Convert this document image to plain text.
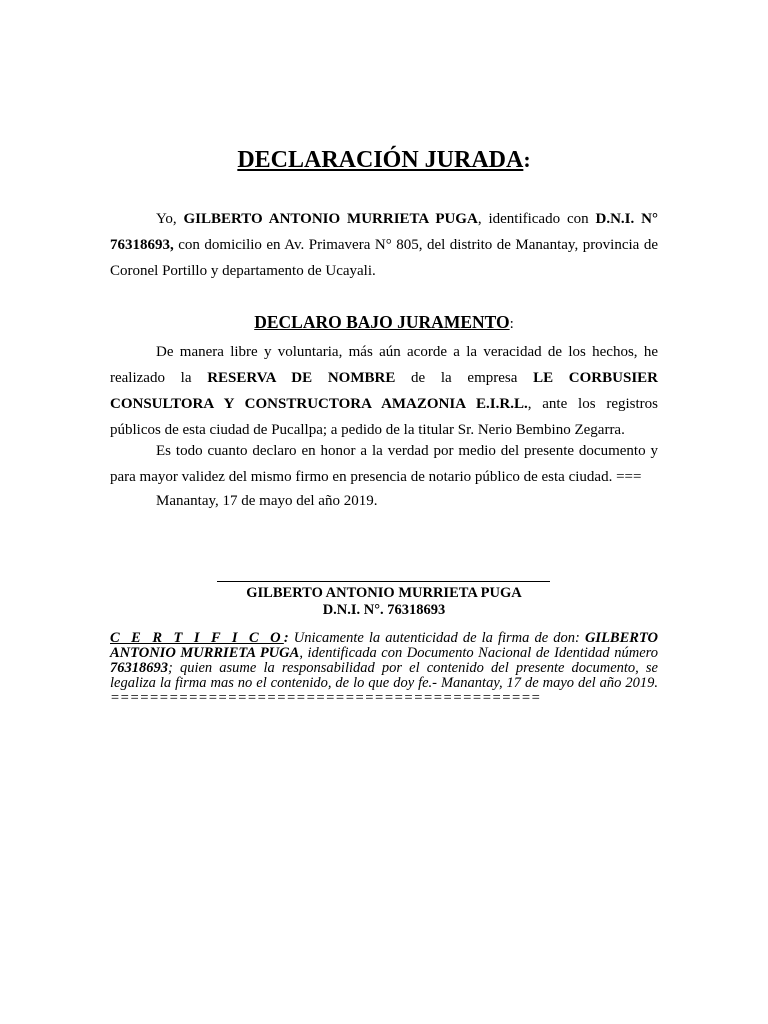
DECLARACIÓN JURADA:
Yo, GILBERTO ANTONIO MURRIETA PUGA, identificado con D.N.I. N° 76318693, con domicilio en Av. Primavera N° 805, del distrito de Manantay, provincia de Coronel Portillo y departamento de Ucayali.
DECLARO BAJO JURAMENTO:
De manera libre y voluntaria, más aún acorde a la veracidad de los hechos, he realizado la RESERVA DE NOMBRE de la empresa LE CORBUSIER CONSULTORA Y CONSTRUCTORA AMAZONIA E.I.R.L., ante los registros públicos de esta ciudad de Pucallpa; a pedido de la titular Sr. Nerio Bembino Zegarra.
Es todo cuanto declaro en honor a la verdad por medio del presente documento y para mayor validez del mismo firmo en presencia de notario público de esta ciudad. ===
Manantay, 17 de mayo del año 2019.
GILBERTO ANTONIO MURRIETA PUGA
D.N.I. N°. 76318693
C E R T I F I C O: Unicamente la autenticidad de la firma de don: GILBERTO ANTONIO MURRIETA PUGA, identificada con Documento Nacional de Identidad número 76318693; quien asume la responsabilidad por el contenido del presente documento, se legaliza la firma mas no el contenido, de lo que doy fe.- Manantay, 17 de mayo del año 2019. ============================================
